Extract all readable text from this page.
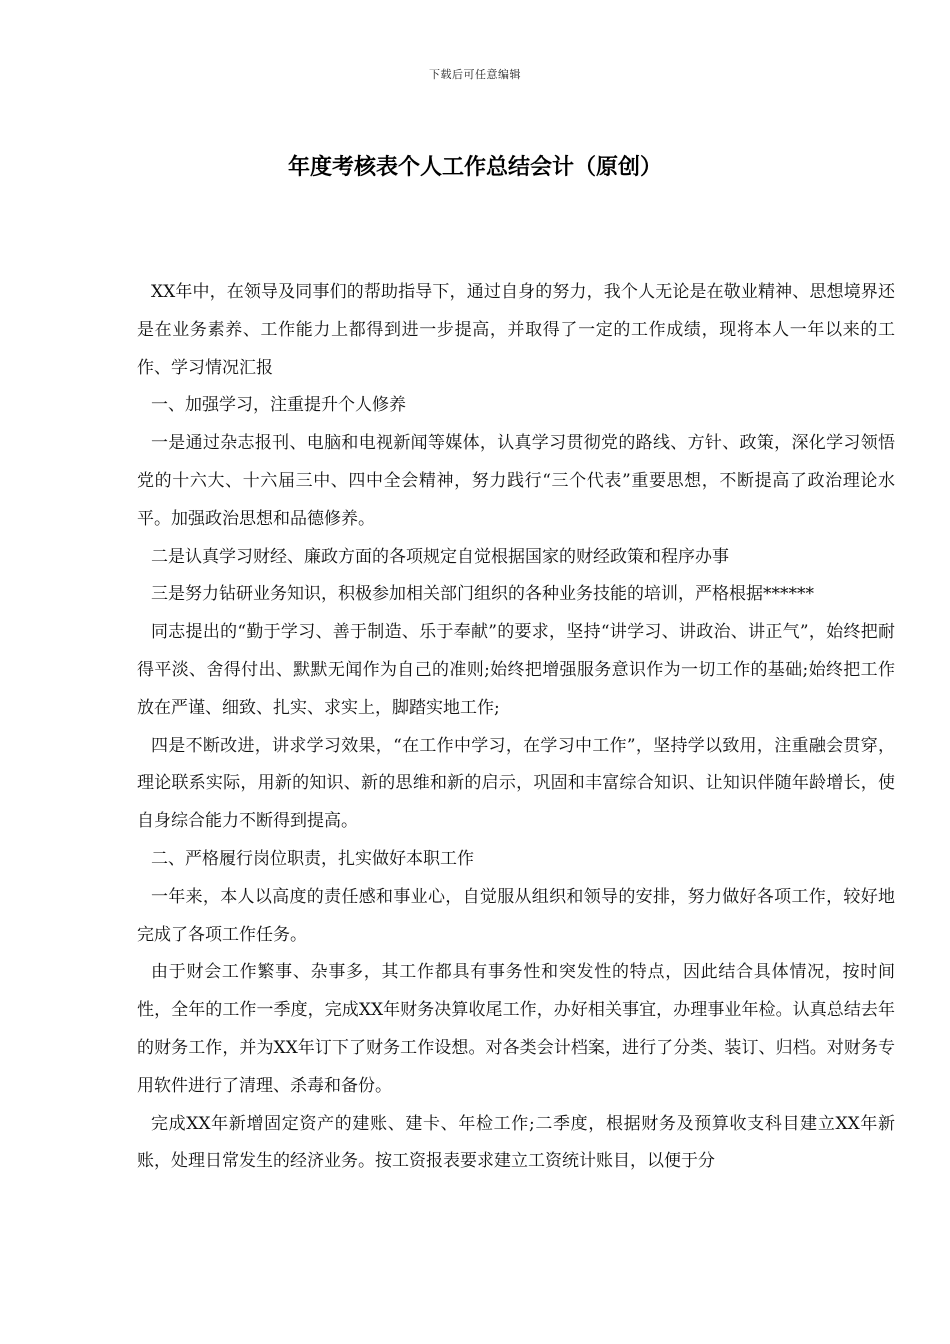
下载后可任意编辑
年度考核表个人工作总结会计（原创）

XX年中，在领导及同事们的帮助指导下，通过自身的努力，我个人无论是在敬业精神、思想境界还是在业务素养、工作能力上都得到进一步提高，并取得了一定的工作成绩，现将本人一年以来的工作、学习情况汇报

一、加强学习，注重提升个人修养

一是通过杂志报刊、电脑和电视新闻等媒体，认真学习贯彻党的路线、方针、政策，深化学习领悟党的十六大、十六届三中、四中全会精神，努力践行“三个代表”重要思想，不断提高了政治理论水平。加强政治思想和品德修养。

二是认真学习财经、廉政方面的各项规定自觉根据国家的财经政策和程序办事

三是努力钻研业务知识，积极参加相关部门组织的各种业务技能的培训，严格根据******

同志提出的“勤于学习、善于制造、乐于奉献”的要求，坚持“讲学习、讲政治、讲正气”，始终把耐得平淡、舍得付出、默默无闻作为自己的准则;始终把增强服务意识作为一切工作的基础;始终把工作放在严谨、细致、扎实、求实上，脚踏实地工作;

四是不断改进，讲求学习效果，“在工作中学习，在学习中工作”，坚持学以致用，注重融会贯穿，理论联系实际，用新的知识、新的思维和新的启示，巩固和丰富综合知识、让知识伴随年龄增长，使自身综合能力不断得到提高。

二、严格履行岗位职责，扎实做好本职工作

一年来，本人以高度的责任感和事业心，自觉服从组织和领导的安排，努力做好各项工作，较好地完成了各项工作任务。

由于财会工作繁事、杂事多，其工作都具有事务性和突发性的特点，因此结合具体情况，按时间性，全年的工作一季度，完成XX年财务决算收尾工作，办好相关事宜，办理事业年检。认真总结去年的财务工作，并为XX年订下了财务工作设想。对各类会计档案，进行了分类、装订、归档。对财务专用软件进行了清理、杀毒和备份。

完成XX年新增固定资产的建账、建卡、年检工作;二季度，根据财务及预算收支科目建立XX年新账，处理日常发生的经济业务。按工资报表要求建立工资统计账目，以便于分
